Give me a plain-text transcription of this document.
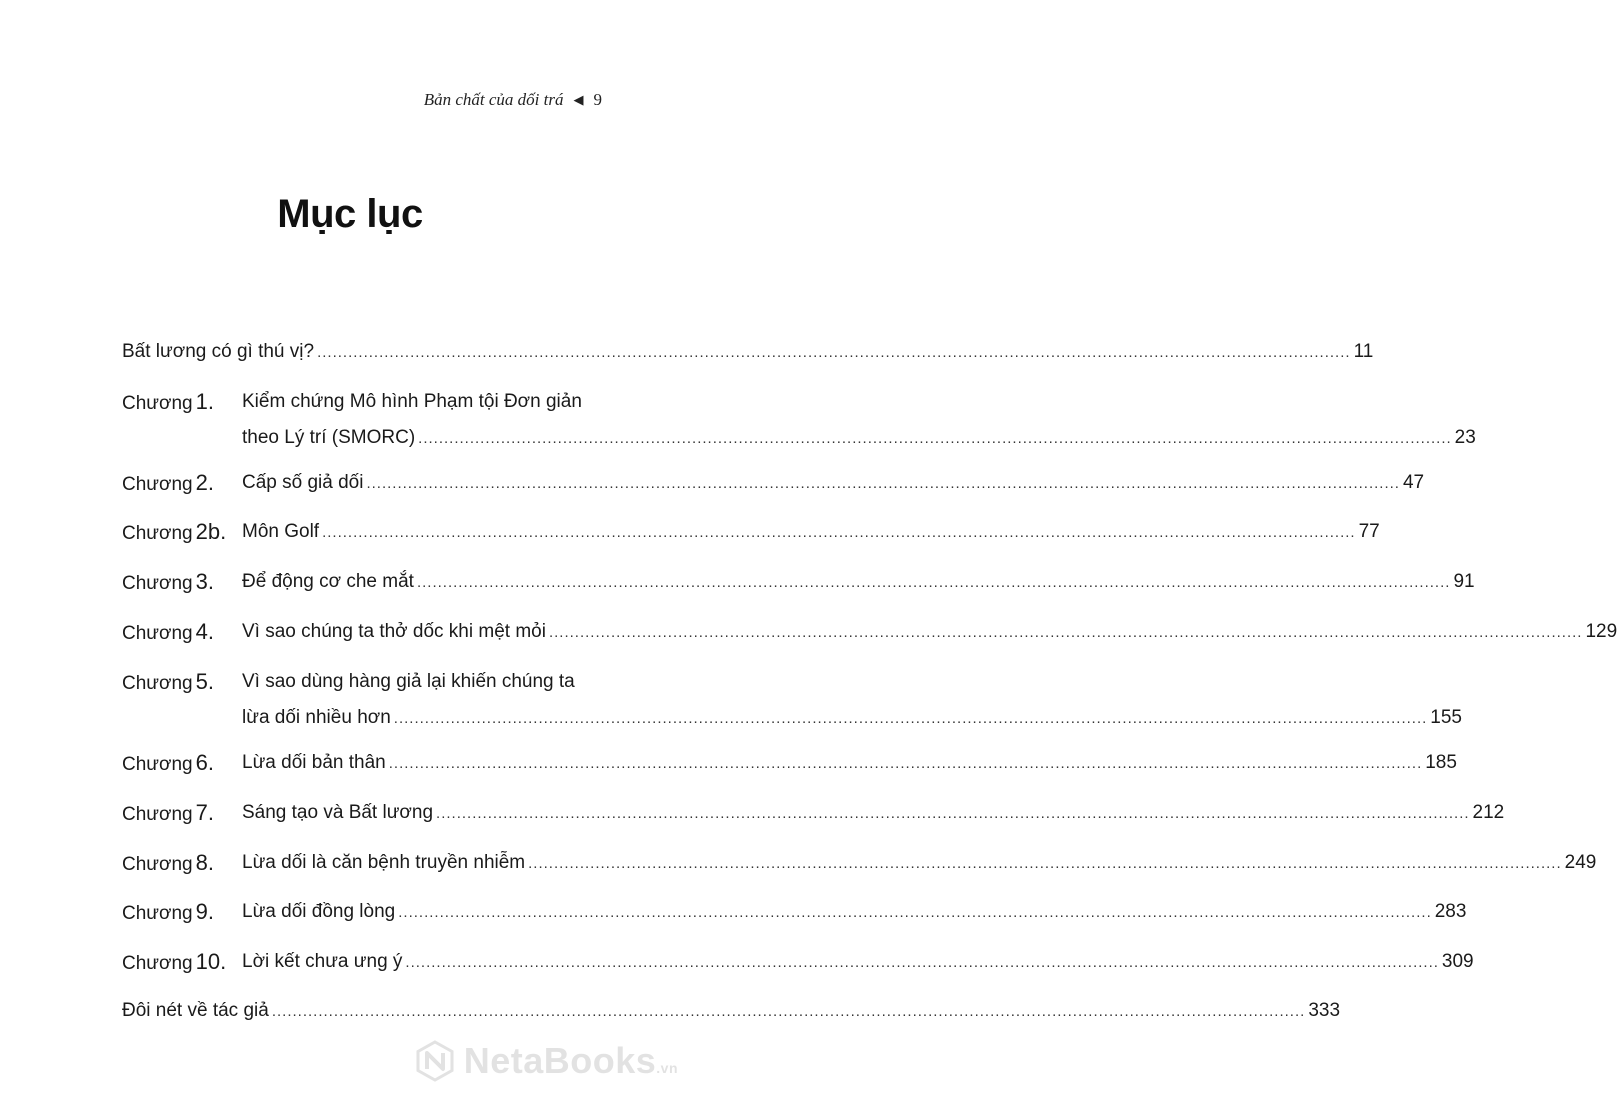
Bản chất của dối trá ◀ 9
Mục lục
Bất lương có gì thú vị? ........................................................................................................................................................................................................ 11
Chương 1.	Kiểm chứng Mô hình Phạm tội Đơn giản
theo Lý trí (SMORC) ........................................................................................................................................................................................................ 23
Chương 2.	Cấp số giả dối ........................................................................................................................................................................................................ 47
Chương 2b. Môn Golf ........................................................................................................................................................................................................ 77
Chương 3.	Để động cơ che mắt ........................................................................................................................................................................................................ 91
Chương 4.	Vì sao chúng ta thở dốc khi mệt mỏi ........................................................................................................................................................................................................ 129
Chương 5.	Vì sao dùng hàng giả lại khiến chúng ta
lừa dối nhiều hơn ........................................................................................................................................................................................................ 155
Chương 6.	Lừa dối bản thân ........................................................................................................................................................................................................ 185
Chương 7.	Sáng tạo và Bất lương ........................................................................................................................................................................................................ 212
Chương 8.	Lừa dối là căn bệnh truyền nhiễm ........................................................................................................................................................................................................ 249
Chương 9.	Lừa dối đồng lòng ........................................................................................................................................................................................................ 283
Chương 10. Lời kết chưa ưng ý ........................................................................................................................................................................................................ 309
Đôi nét về tác giả ........................................................................................................................................................................................................ 333
NetaBooks.vn
